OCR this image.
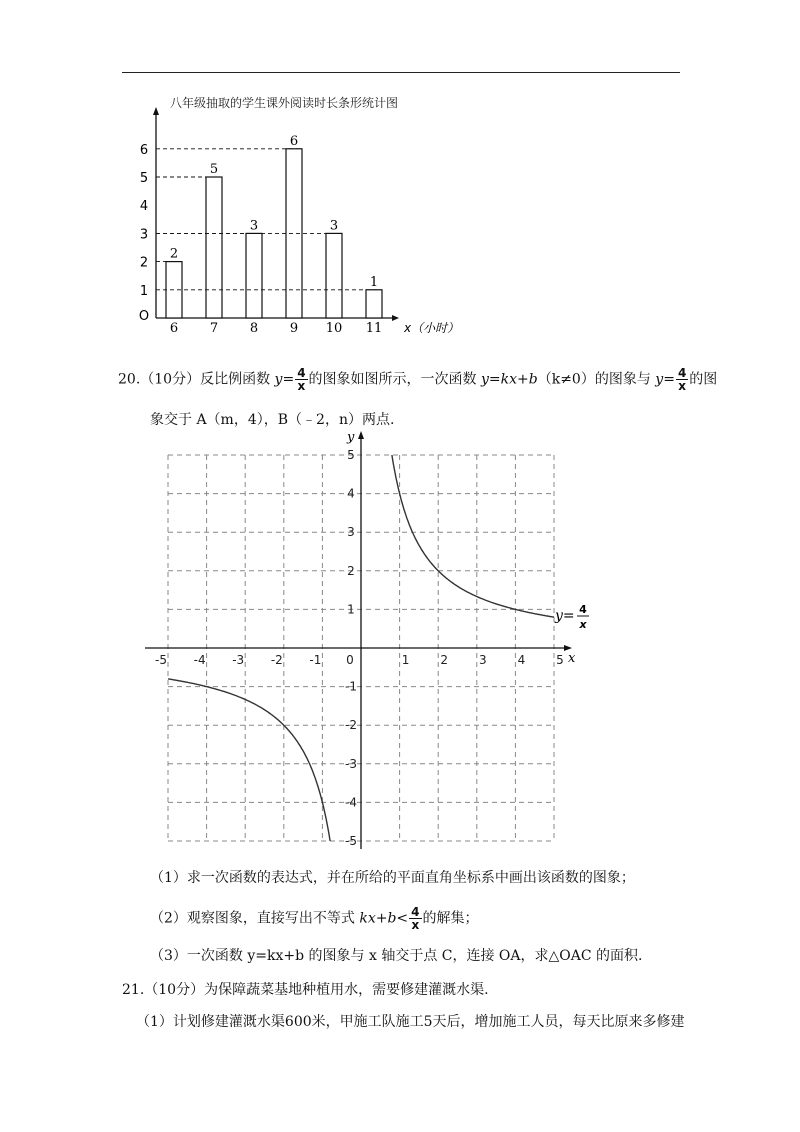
八年级抽取的学生课外阅读时长条形统计图
O
1
2
3
4
5
6
2
6
5
7
3
8
6
9
3
10
1
11 x（小时）
y
x
-5 -4 -3 -2 -1 0	1	2	3	4	5
5
4
3
2
1
-1
-2
-3
-4
-5
y= 4
x
20.（10分）反比例函数 $y= \frac{4}{x}$ 的图象如图所示，一次函数 y=kx+b（k≠0）的图象与 $y= \frac{4}{x}$ 的图
象交于 A（m，4），B（﹣2，n）两点.
（1）求一次函数的表达式，并在所给的平面直角坐标系中画出该函数的图象；
（2）观察图象，直接写出不等式 $kx+b< \frac{4}{x}$ 的解集；
（3）一次函数 y=kx+b 的图象与 x 轴交于点 C，连接 OA，求△OAC 的面积.
21.（10分）为保障蔬菜基地种植用水，需要修建灌溉水渠.
（1）计划修建灌溉水渠600米，甲施工队施工5天后，增加施工人员，每天比原来多修建
